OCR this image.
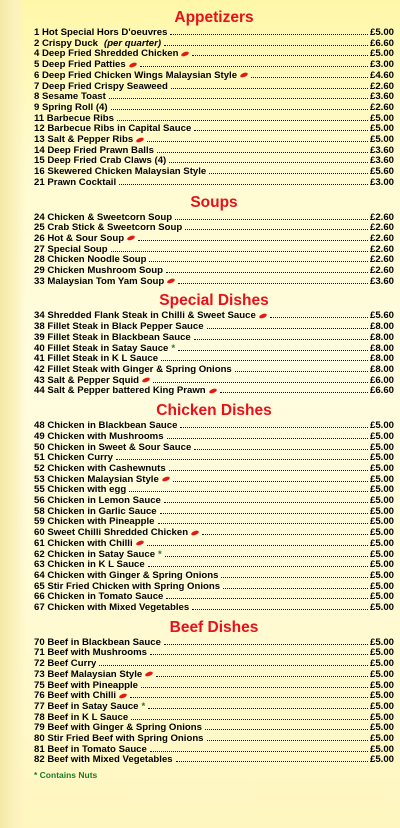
Appetizers
1 Hot Special Hors D'oeuvres	£5.00
2 Crispy Duck (per quarter)	£6.60
4 Deep Fried Shredded Chicken	£5.00
5 Deep Fried Patties	£3.00
6 Deep Fried Chicken Wings Malaysian Style	£4.60
7 Deep Fried Crispy Seaweed	£2.60
8 Sesame Toast	£3.60
9 Spring Roll (4)	£2.60
11 Barbecue Ribs	£5.00
12 Barbecue Ribs in Capital Sauce	£5.00
13 Salt & Pepper Ribs	£5.00
14 Deep Fried Prawn Balls	£3.60
15 Deep Fried Crab Claws (4)	£3.60
16 Skewered Chicken Malaysian Style	£5.60
21 Prawn Cocktail	£3.00
Soups
24 Chicken & Sweetcorn Soup	£2.60
25 Crab Stick & Sweetcorn Soup	£2.60
26 Hot & Sour Soup	£2.60
27 Special Soup	£2.60
28 Chicken Noodle Soup	£2.60
29 Chicken Mushroom Soup	£2.60
33 Malaysian Tom Yam Soup	£3.60
Special Dishes
34 Shredded Flank Steak in Chilli & Sweet Sauce	£5.60
38 Fillet Steak in Black Pepper Sauce	£8.00
39 Fillet Steak in Blackbean Sauce	£8.00
40 Fillet Steak in Satay Sauce *	£8.00
41 Fillet Steak in K L Sauce	£8.00
42 Fillet Steak with Ginger & Spring Onions	£8.00
43 Salt & Pepper Squid	£6.00
44 Salt & Pepper battered King Prawn	£6.60
Chicken Dishes
48 Chicken in Blackbean Sauce	£5.00
49 Chicken with Mushrooms	£5.00
50 Chicken in Sweet & Sour Sauce	£5.00
51 Chicken Curry	£5.00
52 Chicken with Cashewnuts	£5.00
53 Chicken Malaysian Style	£5.00
55 Chicken with egg	£5.00
56 Chicken in Lemon Sauce	£5.00
58 Chicken in Garlic Sauce	£5.00
59 Chicken with Pineapple	£5.00
60 Sweet Chilli Shredded Chicken	£5.00
61 Chicken with Chilli	£5.00
62 Chicken in Satay Sauce *	£5.00
63 Chicken in K L Sauce	£5.00
64 Chicken with Ginger & Spring Onions	£5.00
65 Stir Fried Chicken with Spring Onions	£5.00
66 Chicken in Tomato Sauce	£5.00
67 Chicken with Mixed Vegetables	£5.00
Beef Dishes
70 Beef in Blackbean Sauce	£5.00
71 Beef with Mushrooms	£5.00
72 Beef Curry	£5.00
73 Beef Malaysian Style	£5.00
75 Beef with Pineapple	£5.00
76 Beef with Chilli	£5.00
77 Beef in Satay Sauce *	£5.00
78 Beef in K L Sauce	£5.00
79 Beef with Ginger & Spring Onions	£5.00
80 Stir Fried Beef with Spring Onions	£5.00
81 Beef in Tomato Sauce	£5.00
82 Beef with Mixed Vegetables	£5.00

* Contains Nuts
